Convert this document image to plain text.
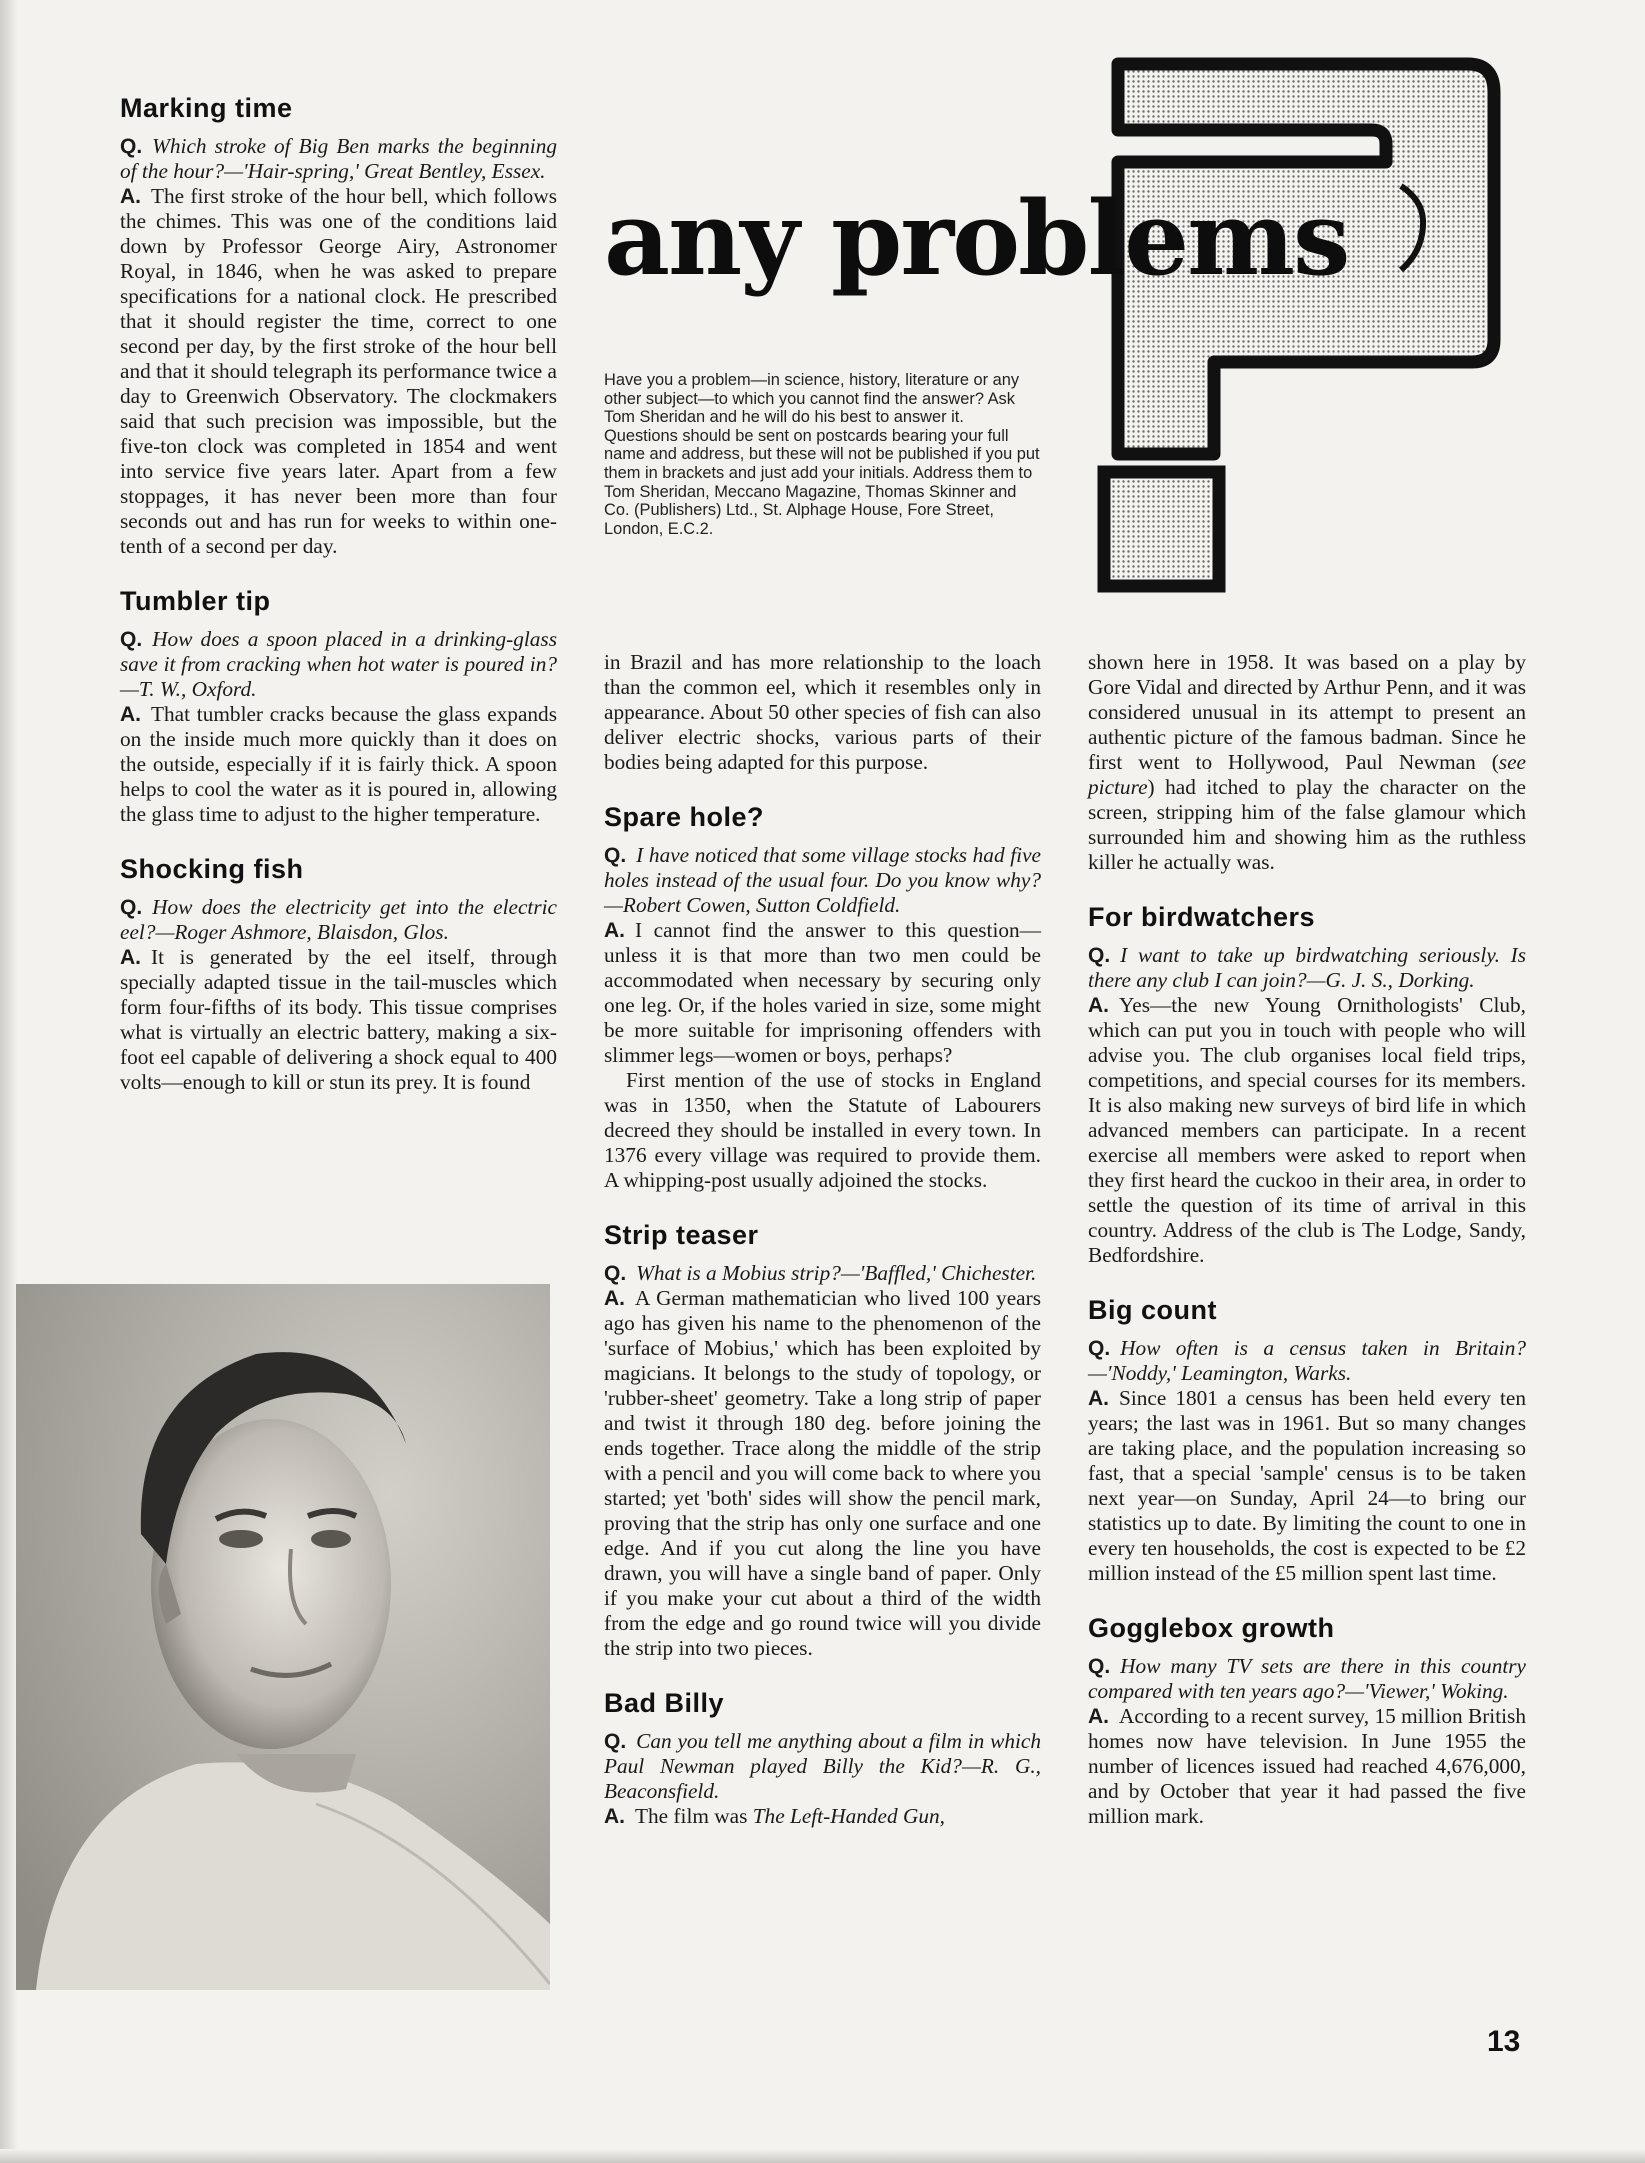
any problems
Have you a problem—in science, history, literature or any other subject—to which you cannot find the answer? Ask Tom Sheridan and he will do his best to answer it. Questions should be sent on postcards bearing your full name and address, but these will not be published if you put them in brackets and just add your initials. Address them to Tom Sheridan, Meccano Magazine, Thomas Skinner and Co. (Publishers) Ltd., St. Alphage House, Fore Street, London, E.C.2.
Marking time

Q. Which stroke of Big Ben marks the beginning of the hour?—'Hair-spring,' Great Bentley, Essex.

A. The first stroke of the hour bell, which follows the chimes. This was one of the conditions laid down by Professor George Airy, Astronomer Royal, in 1846, when he was asked to prepare specifications for a national clock. He prescribed that it should register the time, correct to one second per day, by the first stroke of the hour bell and that it should telegraph its performance twice a day to Greenwich Observatory. The clockmakers said that such precision was impossible, but the five-ton clock was completed in 1854 and went into service five years later. Apart from a few stoppages, it has never been more than four seconds out and has run for weeks to within one-tenth of a second per day.

Tumbler tip

Q. How does a spoon placed in a drinking-glass save it from cracking when hot water is poured in?—T. W., Oxford.

A. That tumbler cracks because the glass expands on the inside much more quickly than it does on the outside, especially if it is fairly thick. A spoon helps to cool the water as it is poured in, allowing the glass time to adjust to the higher temperature.

Shocking fish

Q. How does the electricity get into the electric eel?—Roger Ashmore, Blaisdon, Glos.

A. It is generated by the eel itself, through specially adapted tissue in the tail-muscles which form four-fifths of its body. This tissue comprises what is virtually an electric battery, making a six-foot eel capable of delivering a shock equal to 400 volts—enough to kill or stun its prey. It is found

in Brazil and has more relationship to the loach than the common eel, which it resembles only in appearance. About 50 other species of fish can also deliver electric shocks, various parts of their bodies being adapted for this purpose.

Spare hole?

Q. I have noticed that some village stocks had five holes instead of the usual four. Do you know why?—Robert Cowen, Sutton Coldfield.

A. I cannot find the answer to this question—unless it is that more than two men could be accommodated when necessary by securing only one leg. Or, if the holes varied in size, some might be more suitable for imprisoning offenders with slimmer legs—women or boys, perhaps?

First mention of the use of stocks in England was in 1350, when the Statute of Labourers decreed they should be installed in every town. In 1376 every village was required to provide them. A whipping-post usually adjoined the stocks.

Strip teaser

Q. What is a Mobius strip?—'Baffled,' Chichester.

A. A German mathematician who lived 100 years ago has given his name to the phenomenon of the 'surface of Mobius,' which has been exploited by magicians. It belongs to the study of topology, or 'rubber-sheet' geometry. Take a long strip of paper and twist it through 180 deg. before joining the ends together. Trace along the middle of the strip with a pencil and you will come back to where you started; yet 'both' sides will show the pencil mark, proving that the strip has only one surface and one edge. And if you cut along the line you have drawn, you will have a single band of paper. Only if you make your cut about a third of the width from the edge and go round twice will you divide the strip into two pieces.

Bad Billy

Q. Can you tell me anything about a film in which Paul Newman played Billy the Kid?—R. G., Beaconsfield.

A. The film was The Left-Handed Gun,

shown here in 1958. It was based on a play by Gore Vidal and directed by Arthur Penn, and it was considered unusual in its attempt to present an authentic picture of the famous badman. Since he first went to Hollywood, Paul Newman (see picture) had itched to play the character on the screen, stripping him of the false glamour which surrounded him and showing him as the ruthless killer he actually was.

For birdwatchers

Q. I want to take up birdwatching seriously. Is there any club I can join?—G. J. S., Dorking.

A. Yes—the new Young Ornithologists' Club, which can put you in touch with people who will advise you. The club organises local field trips, competitions, and special courses for its members. It is also making new surveys of bird life in which advanced members can participate. In a recent exercise all members were asked to report when they first heard the cuckoo in their area, in order to settle the question of its time of arrival in this country. Address of the club is The Lodge, Sandy, Bedfordshire.

Big count

Q. How often is a census taken in Britain?—'Noddy,' Leamington, Warks.

A. Since 1801 a census has been held every ten years; the last was in 1961. But so many changes are taking place, and the population increasing so fast, that a special 'sample' census is to be taken next year—on Sunday, April 24—to bring our statistics up to date. By limiting the count to one in every ten households, the cost is expected to be £2 million instead of the £5 million spent last time.

Gogglebox growth

Q. How many TV sets are there in this country compared with ten years ago?—'Viewer,' Woking.

A. According to a recent survey, 15 million British homes now have television. In June 1955 the number of licences issued had reached 4,676,000, and by October that year it had passed the five million mark.

13
